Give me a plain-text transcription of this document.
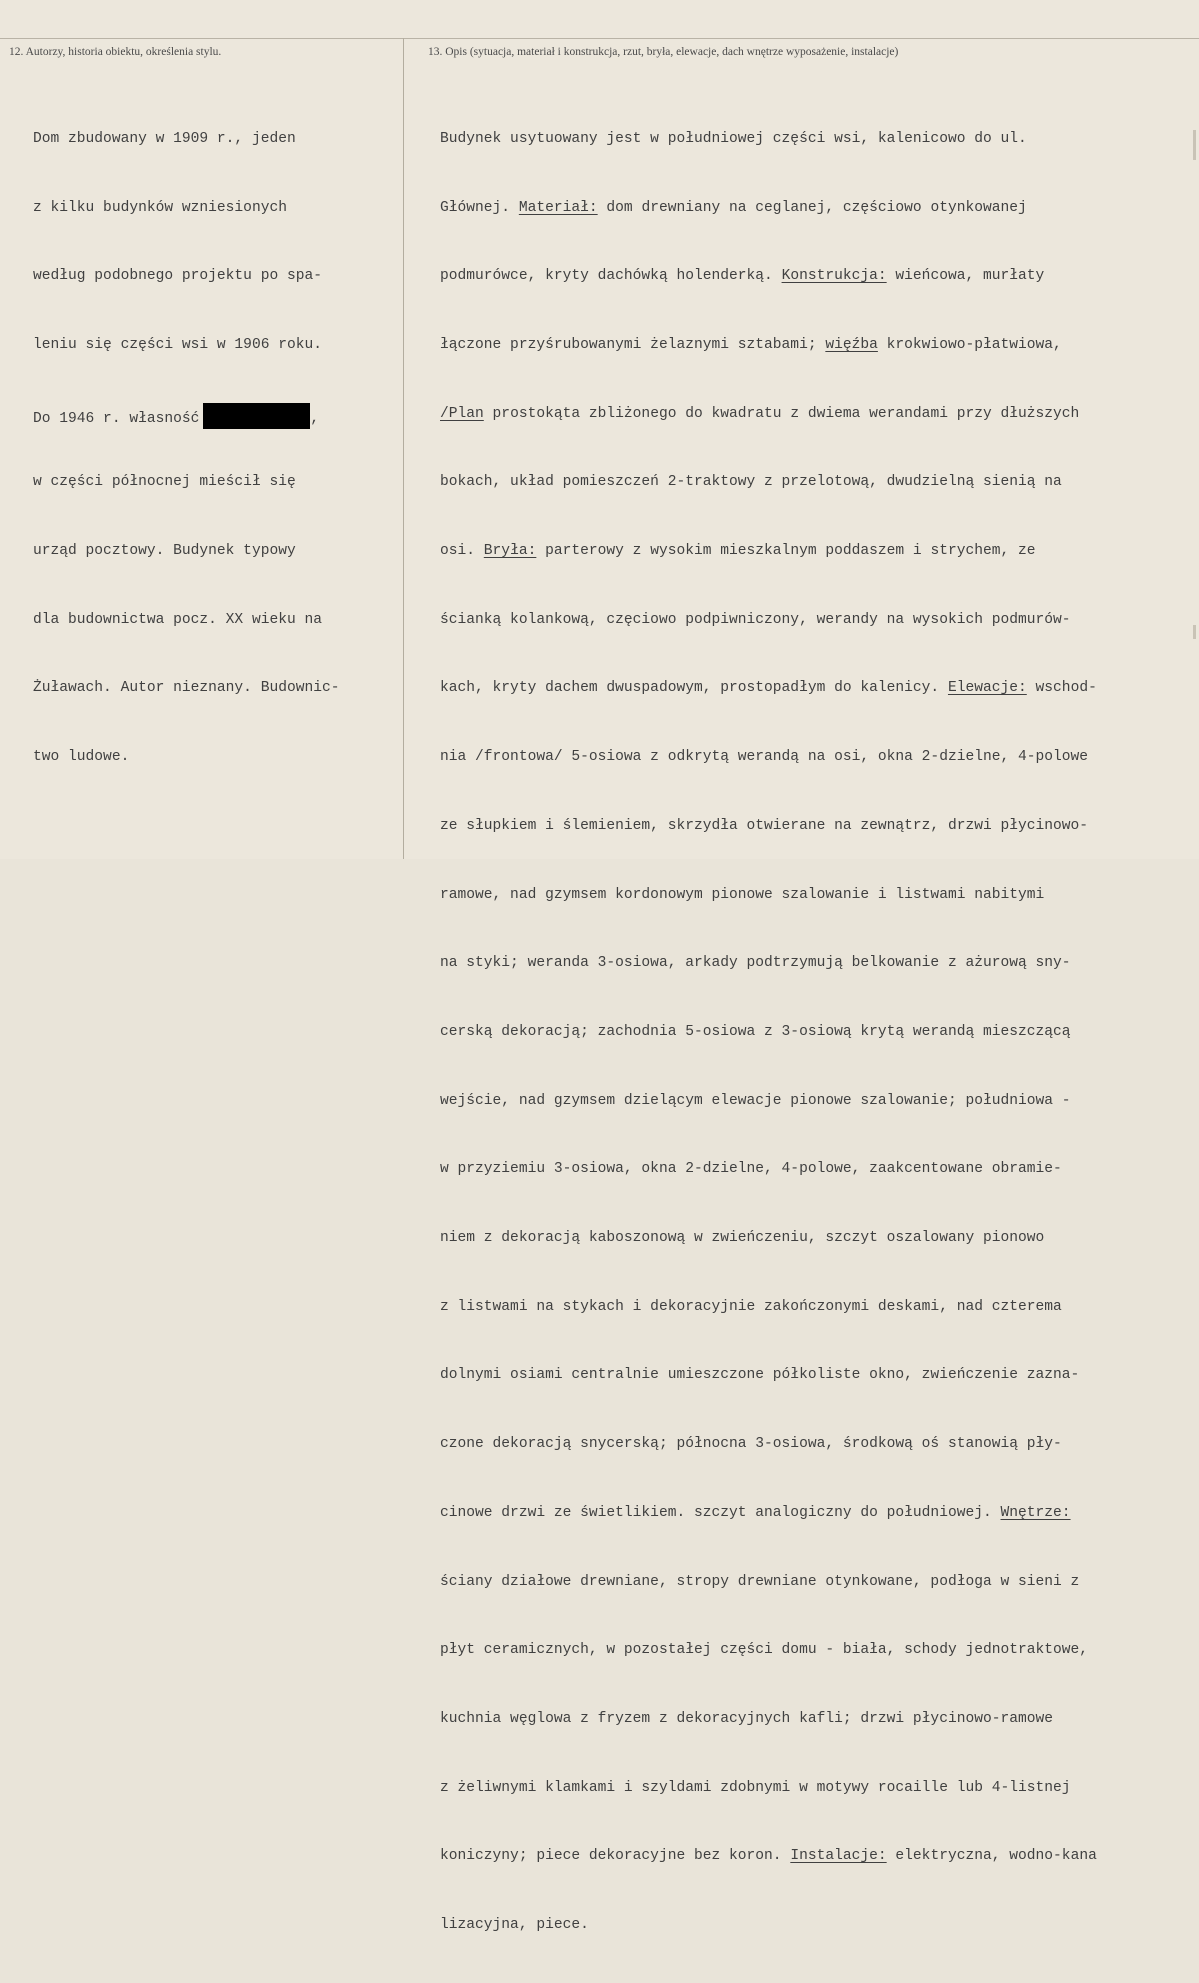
12. Autorzy, historia obiektu, określenia stylu.	13. Opis (sytuacja, materiał i konstrukcja, rzut, bryła, elewacje, dach wnętrze wyposażenie, instalacje)

Dom zbudowany w 1909 r., jeden

z kilku budynków wzniesionych

według podobnego projektu po spa-

leniu się części wsi w 1906 roku.

Do 1946 r. własność	,

w części północnej mieścił się

urząd pocztowy. Budynek typowy

dla budownictwa pocz. XX wieku na

Żuławach. Autor nieznany. Budownic-

two ludowe.

Budynek usytuowany jest w południowej części wsi, kalenicowo do ul.

Głównej. Materiał: dom drewniany na ceglanej, częściowo otynkowanej

podmurówce, kryty dachówką holenderką. Konstrukcja: wieńcowa, murłaty

łączone przyśrubowanymi żelaznymi sztabami; więźba krokwiowo-płatwiowa,

/Plan prostokąta zbliżonego do kwadratu z dwiema werandami przy dłuższych

bokach, układ pomieszczeń 2-traktowy z przelotową, dwudzielną sienią na

osi. Bryła: parterowy z wysokim mieszkalnym poddaszem i strychem, ze

ścianką kolankową, częciowo podpiwniczony, werandy na wysokich podmurów-

kach, kryty dachem dwuspadowym, prostopadłym do kalenicy. Elewacje: wschod-

nia /frontowa/ 5-osiowa z odkrytą werandą na osi, okna 2-dzielne, 4-polowe

ze słupkiem i ślemieniem, skrzydła otwierane na zewnątrz, drzwi płycinowo-

ramowe, nad gzymsem kordonowym pionowe szalowanie i listwami nabitymi

na styki; weranda 3-osiowa, arkady podtrzymują belkowanie z ażurową sny-

cerską dekoracją; zachodnia 5-osiowa z 3-osiową krytą werandą mieszczącą

wejście, nad gzymsem dzielącym elewacje pionowe szalowanie; południowa -

w przyziemiu 3-osiowa, okna 2-dzielne, 4-polowe, zaakcentowane obramie-

niem z dekoracją kaboszonową w zwieńczeniu, szczyt oszalowany pionowo

z listwami na stykach i dekoracyjnie zakończonymi deskami, nad czterema

dolnymi osiami centralnie umieszczone półkoliste okno, zwieńczenie zazna-

czone dekoracją snycerską; północna 3-osiowa, środkową oś stanowią pły-

cinowe drzwi ze świetlikiem. szczyt analogiczny do południowej. Wnętrze:

ściany działowe drewniane, stropy drewniane otynkowane, podłoga w sieni z

płyt ceramicznych, w pozostałej części domu - biała, schody jednotraktowe,

kuchnia węglowa z fryzem z dekoracyjnych kafli; drzwi płycinowo-ramowe

z żeliwnymi klamkami i szyldami zdobnymi w motywy rocaille lub 4-listnej

koniczyny; piece dekoracyjne bez koron. Instalacje: elektryczna, wodno-kana

lizacyjna, piece.
